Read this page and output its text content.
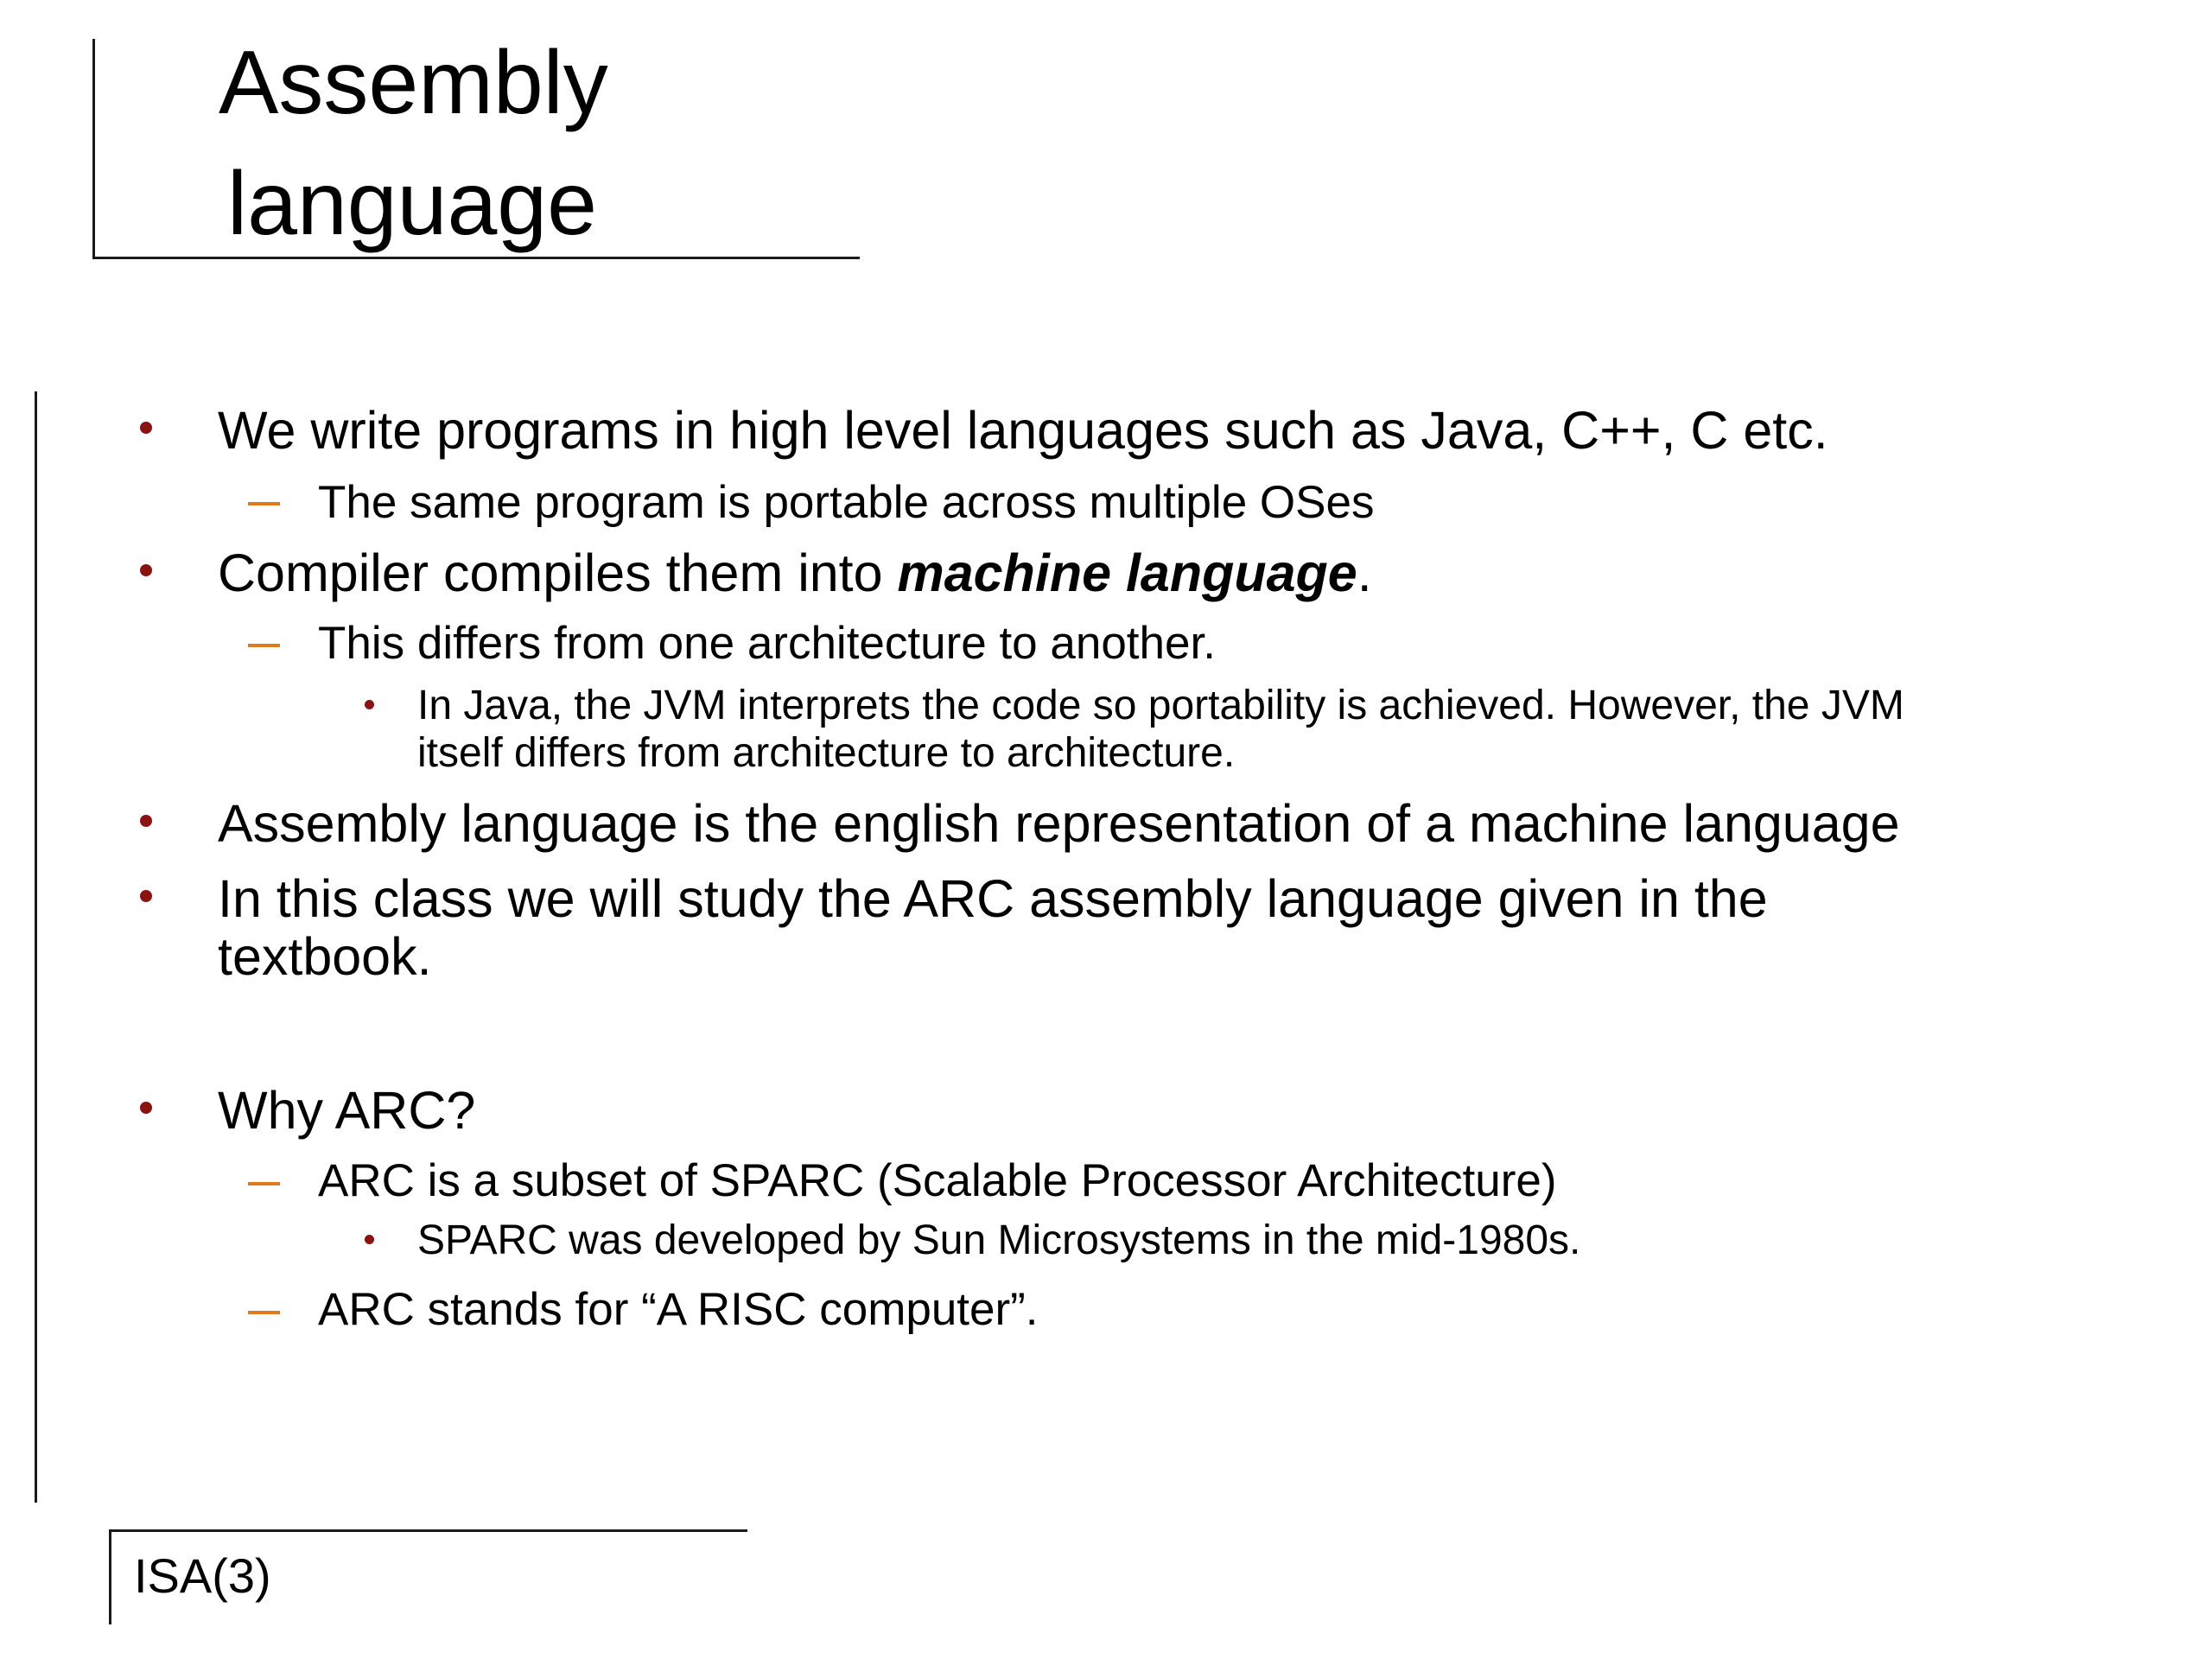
Assembly
language
We write programs in high level languages such as Java, C++, C etc.
The same program is portable across multiple OSes
Compiler compiles them into machine language.
This differs from one architecture to another.
In Java, the JVM interprets the code so portability is achieved. However, the JVM
itself differs from architecture to architecture.
Assembly language is the english representation of a machine language
In this class we will study the ARC assembly language given in the
textbook.
Why ARC?
ARC is a subset of SPARC (Scalable Processor Architecture)
SPARC was developed by Sun Microsystems in the mid-1980s.
ARC stands for “A RISC computer”.
ISA(3)
